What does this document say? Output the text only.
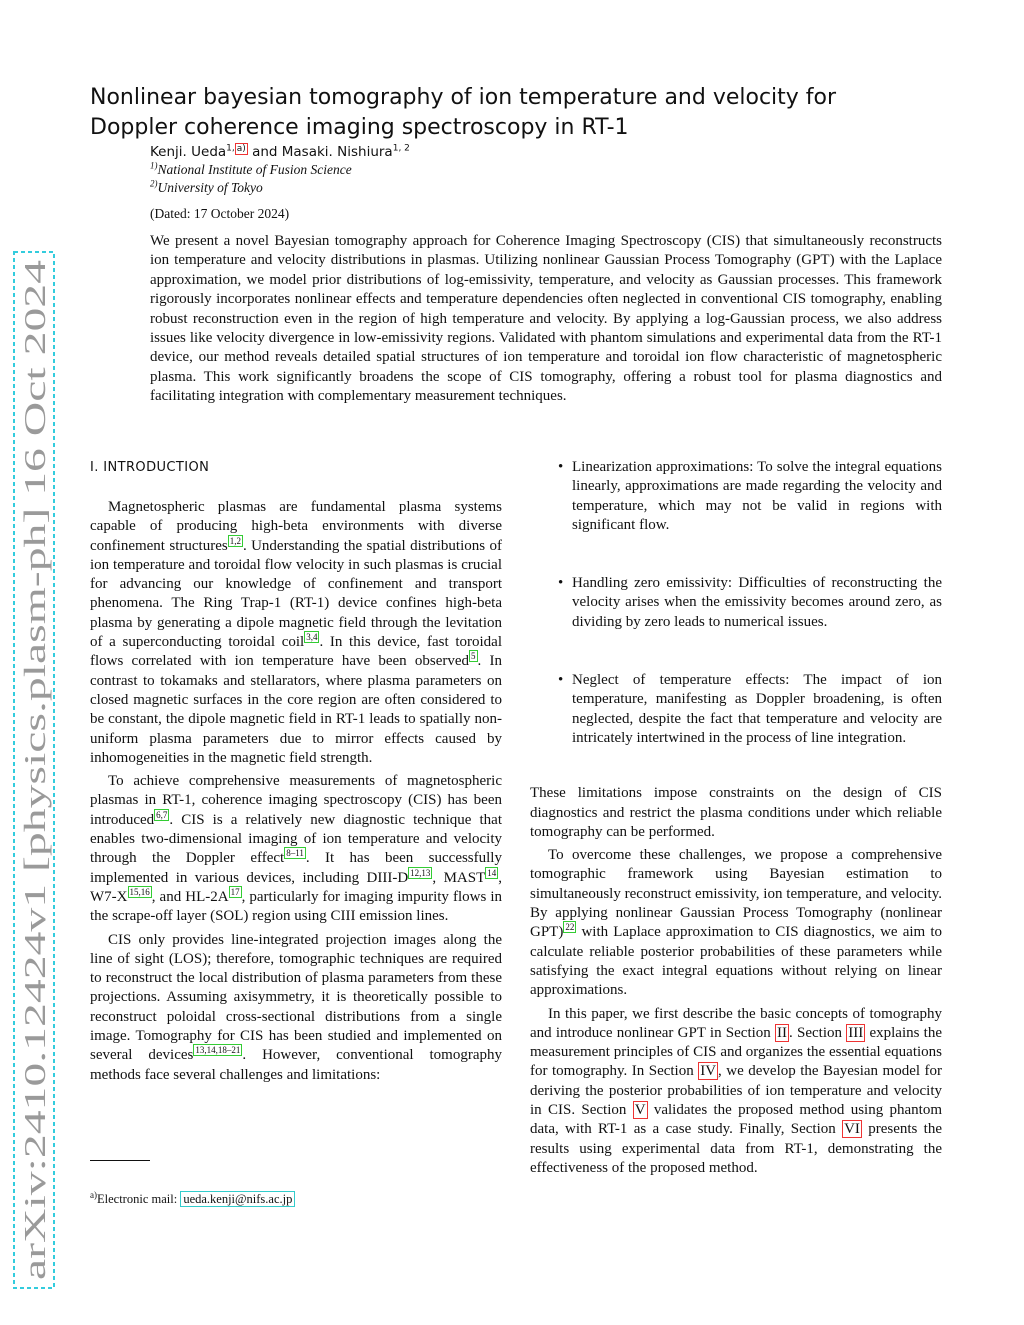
arXiv:2410.12424v1 [physics.plasm-ph] 16 Oct 2024
Nonlinear bayesian tomography of ion temperature and velocity for
Doppler coherence imaging spectroscopy in RT-1
Kenji. Ueda$^{1, a)}$ and Masaki. Nishiura$^{1, 2}$
$^{1)}$National Institute of Fusion Science
$^{2)}$University of Tokyo
(Dated: 17 October 2024)

We present a novel Bayesian tomography approach for Coherence Imaging Spectroscopy (CIS) that simultaneously reconstructs ion temperature and velocity distributions in plasmas. Utilizing nonlinear Gaussian Process Tomography (GPT) with the Laplace approximation, we model prior distributions of log-emissivity, temperature, and velocity as Gaussian processes. This framework rigorously incorporates nonlinear effects and temperature dependencies often neglected in conventional CIS tomography, enabling robust reconstruction even in the region of high temperature and velocity. By applying a log-Gaussian process, we also address issues like velocity divergence in low-emissivity regions. Validated with phantom simulations and experimental data from the RT-1 device, our method reveals detailed spatial structures of ion temperature and toroidal ion flow characteristic of magnetospheric plasma. This work significantly broadens the scope of CIS tomography, offering a robust tool for plasma diagnostics and facilitating integration with complementary measurement techniques.

I. INTRODUCTION

Magnetospheric plasmas are fundamental plasma systems capable of producing high-beta environments with diverse confinement structures $^{1,2}$ . Understanding the spatial distributions of ion temperature and toroidal flow velocity in such plasmas is crucial for advancing our knowledge of confinement and transport phenomena. The Ring Trap-1 (RT-1) device confines high-beta plasma by generating a dipole magnetic field through the levitation of a superconducting toroidal coil $^{3,4}$ . In this device, fast toroidal flows correlated with ion temperature have been observed $^5$ . In contrast to tokamaks and stellarators, where plasma parameters on closed magnetic surfaces in the core region are often considered to be constant, the dipole magnetic field in RT-1 leads to spatially non-uniform plasma parameters due to mirror effects caused by inhomogeneities in the magnetic field strength.

To achieve comprehensive measurements of magnetospheric plasmas in RT-1, coherence imaging spectroscopy (CIS) has been introduced $^{6,7}$ . CIS is a relatively new diagnostic technique that enables two-dimensional imaging of ion temperature and velocity through the Doppler effect $^{8-11}$ . It has been successfully implemented in various devices, including DIII-D $^{12,13}$ , MAST $^{14}$ , W7-X $^{15,16}$ , and HL-2A $^{17}$ , particularly for imaging impurity flows in the scrape-off layer (SOL) region using CIII emission lines.

CIS only provides line-integrated projection images along the line of sight (LOS); therefore, tomographic techniques are required to reconstruct the local distribution of plasma parameters from these projections. Assuming axisymmetry, it is theoretically possible to reconstruct poloidal cross-sectional distributions from a single image. Tomography for CIS has been studied and implemented on several devices $^{13,14,18-21}$ . However, conventional tomography methods face several challenges and limitations:

• Linearization approximations: To solve the integral equations linearly, approximations are made regarding the velocity and temperature, which may not be valid in regions with significant flow.
• Handling zero emissivity: Difficulties of reconstructing the velocity arises when the emissivity becomes around zero, as dividing by zero leads to numerical issues.
• Neglect of temperature effects: The impact of ion temperature, manifesting as Doppler broadening, is often neglected, despite the fact that temperature and velocity are intricately intertwined in the process of line integration.

These limitations impose constraints on the design of CIS diagnostics and restrict the plasma conditions under which reliable tomography can be performed.

To overcome these challenges, we propose a comprehensive tomographic framework using Bayesian estimation to simultaneously reconstruct emissivity, ion temperature, and velocity. By applying nonlinear Gaussian Process Tomography (nonlinear GPT) $^{22}$ with Laplace approximation to CIS diagnostics, we aim to calculate reliable posterior probabilities of these parameters while satisfying the exact integral equations without relying on linear approximations.

In this paper, we first describe the basic concepts of tomography and introduce nonlinear GPT in Section II . Section III explains the measurement principles of CIS and organizes the essential equations for tomography. In Section IV , we develop the Bayesian model for deriving the posterior probabilities of ion temperature and velocity in CIS. Section V validates the proposed method using phantom data, with RT-1 as a case study. Finally, Section VI presents the results using experimental data from RT-1, demonstrating the effectiveness of the proposed method.

$^{a)}$Electronic mail: ueda.kenji@nifs.ac.jp
